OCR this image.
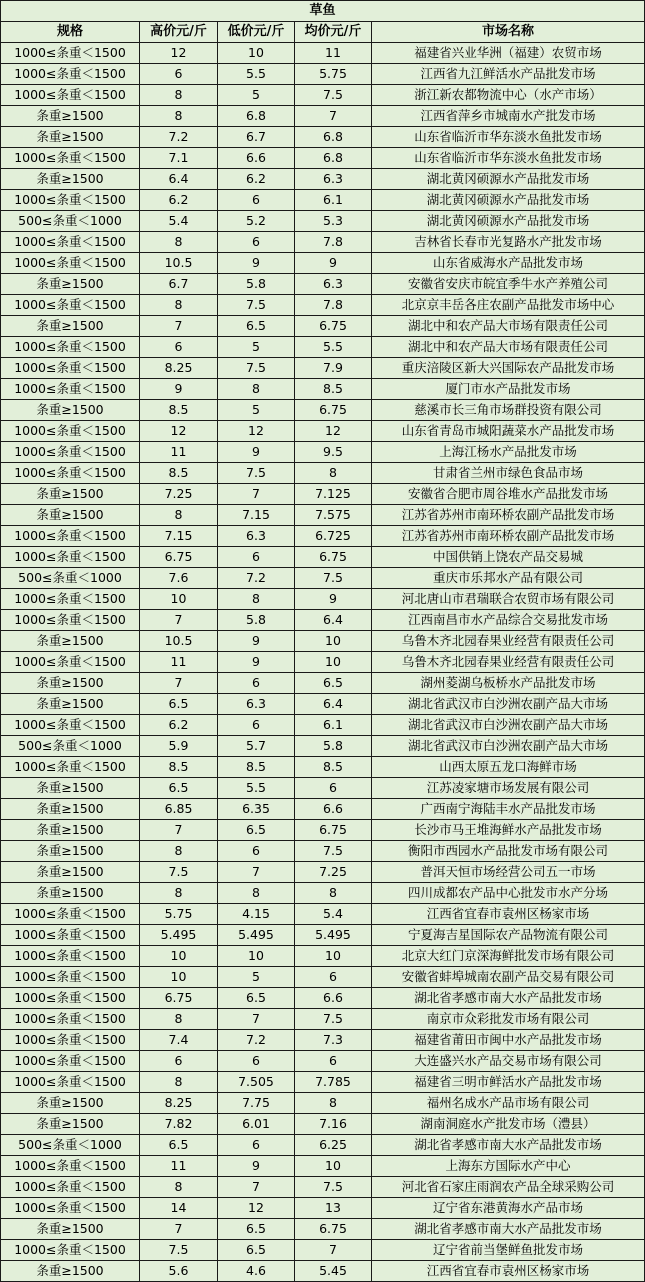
草鱼				
规格	高价元/斤	低价元/斤	均价元/斤	市场名称
1000≤条重＜1500	12	10	11	福建省兴业华洲（福建）农贸市场
1000≤条重＜1500	6	5.5	5.75	江西省九江鲜活水产品批发市场
1000≤条重＜1500	8	5	7.5	浙江新农都物流中心（水产市场）
条重≥1500	8	6.8	7	江西省萍乡市城南水产批发市场
条重≥1500	7.2	6.7	6.8	山东省临沂市华东淡水鱼批发市场
1000≤条重＜1500	7.1	6.6	6.8	山东省临沂市华东淡水鱼批发市场
条重≥1500	6.4	6.2	6.3	湖北黄冈硕源水产品批发市场
1000≤条重＜1500	6.2	6	6.1	湖北黄冈硕源水产品批发市场
500≤条重＜1000	5.4	5.2	5.3	湖北黄冈硕源水产品批发市场
1000≤条重＜1500	8	6	7.8	吉林省长春市光复路水产批发市场
1000≤条重＜1500	10.5	9	9	山东省威海水产品批发市场
条重≥1500	6.7	5.8	6.3	安徽省安庆市皖宜季牛水产养殖公司
1000≤条重＜1500	8	7.5	7.8	北京京丰岳各庄农副产品批发市场中心
条重≥1500	7	6.5	6.75	湖北中和农产品大市场有限责任公司
1000≤条重＜1500	6	5	5.5	湖北中和农产品大市场有限责任公司
1000≤条重＜1500	8.25	7.5	7.9	重庆涪陵区新大兴国际农产品批发市场
1000≤条重＜1500	9	8	8.5	厦门市水产品批发市场
条重≥1500	8.5	5	6.75	慈溪市长三角市场群投资有限公司
1000≤条重＜1500	12	12	12	山东省青岛市城阳蔬菜水产品批发市场
1000≤条重＜1500	11	9	9.5	上海江杨水产品批发市场
1000≤条重＜1500	8.5	7.5	8	甘肃省兰州市绿色食品市场
条重≥1500	7.25	7	7.125	安徽省合肥市周谷堆水产品批发市场
条重≥1500	8	7.15	7.575	江苏省苏州市南环桥农副产品批发市场
1000≤条重＜1500	7.15	6.3	6.725	江苏省苏州市南环桥农副产品批发市场
1000≤条重＜1500	6.75	6	6.75	中国供销上饶农产品交易城
500≤条重＜1000	7.6	7.2	7.5	重庆市乐邦水产品有限公司
1000≤条重＜1500	10	8	9	河北唐山市君瑞联合农贸市场有限公司
1000≤条重＜1500	7	5.8	6.4	江西南昌市水产品综合交易批发市场
条重≥1500	10.5	9	10	乌鲁木齐北园春果业经营有限责任公司
1000≤条重＜1500	11	9	10	乌鲁木齐北园春果业经营有限责任公司
条重≥1500	7	6	6.5	湖州菱湖乌板桥水产品批发市场
条重≥1500	6.5	6.3	6.4	湖北省武汉市白沙洲农副产品大市场
1000≤条重＜1500	6.2	6	6.1	湖北省武汉市白沙洲农副产品大市场
500≤条重＜1000	5.9	5.7	5.8	湖北省武汉市白沙洲农副产品大市场
1000≤条重＜1500	8.5	8.5	8.5	山西太原五龙口海鲜市场
条重≥1500	6.5	5.5	6	江苏凌家塘市场发展有限公司
条重≥1500	6.85	6.35	6.6	广西南宁海陆丰水产品批发市场
条重≥1500	7	6.5	6.75	长沙市马王堆海鲜水产品批发市场
条重≥1500	8	6	7.5	衡阳市西园水产品批发市场有限公司
条重≥1500	7.5	7	7.25	普洱天恒市场经营公司五一市场
条重≥1500	8	8	8	四川成都农产品中心批发市水产分场
1000≤条重＜1500	5.75	4.15	5.4	江西省宜春市袁州区杨家市场
1000≤条重＜1500	5.495	5.495	5.495	宁夏海吉星国际农产品物流有限公司
1000≤条重＜1500	10	10	10	北京大红门京深海鲜批发市场有限公司
1000≤条重＜1500	10	5	6	安徽省蚌埠城南农副产品交易有限公司
1000≤条重＜1500	6.75	6.5	6.6	湖北省孝感市南大水产品批发市场
1000≤条重＜1500	8	7	7.5	南京市众彩批发市场有限公司
1000≤条重＜1500	7.4	7.2	7.3	福建省莆田市闽中水产品批发市场
1000≤条重＜1500	6	6	6	大连盛兴水产品交易市场有限公司
1000≤条重＜1500	8	7.505	7.785	福建省三明市鲜活水产品批发市场
条重≥1500	8.25	7.75	8	福州名成水产品市场有限公司
条重≥1500	7.82	6.01	7.16	湖南洞庭水产批发市场（澧县）
500≤条重＜1000	6.5	6	6.25	湖北省孝感市南大水产品批发市场
1000≤条重＜1500	11	9	10	上海东方国际水产中心
1000≤条重＜1500	8	7	7.5	河北省石家庄雨润农产品全球采购公司
1000≤条重＜1500	14	12	13	辽宁省东港黄海水产品市场
条重≥1500	7	6.5	6.75	湖北省孝感市南大水产品批发市场
1000≤条重＜1500	7.5	6.5	7	辽宁省前当堡鲜鱼批发市场
条重≥1500	5.6	4.6	5.45	江西省宜春市袁州区杨家市场
